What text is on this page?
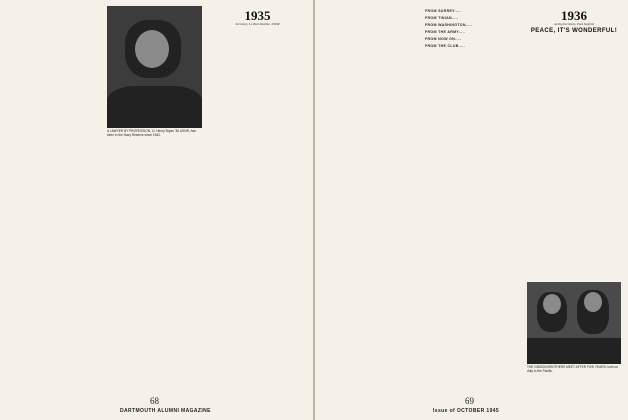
A LAWYER BY PROFESSION, Lt. Henry Bryan '36 USNR, has been in the Navy Reserve since 1942.

1935
Secretary, Lt. Burt Zuehlke, USNR

68
DARTMOUTH ALUMNI MAGAZINE

FROM SURREY.....

FROM TINIAN.....

FROM WASHINGTON.....

FROM THE ARMY.....

FROM NOW ON.....

FROM THE CLUB.....

1936
Acting Secretary, Paul Sanford
PEACE, IT'S WONDERFUL!

THE GIBSON BROTHERS MEET AFTER FIVE YEARS, both on duty in the Pacific.
69
Issue of OCTOBER 1945
